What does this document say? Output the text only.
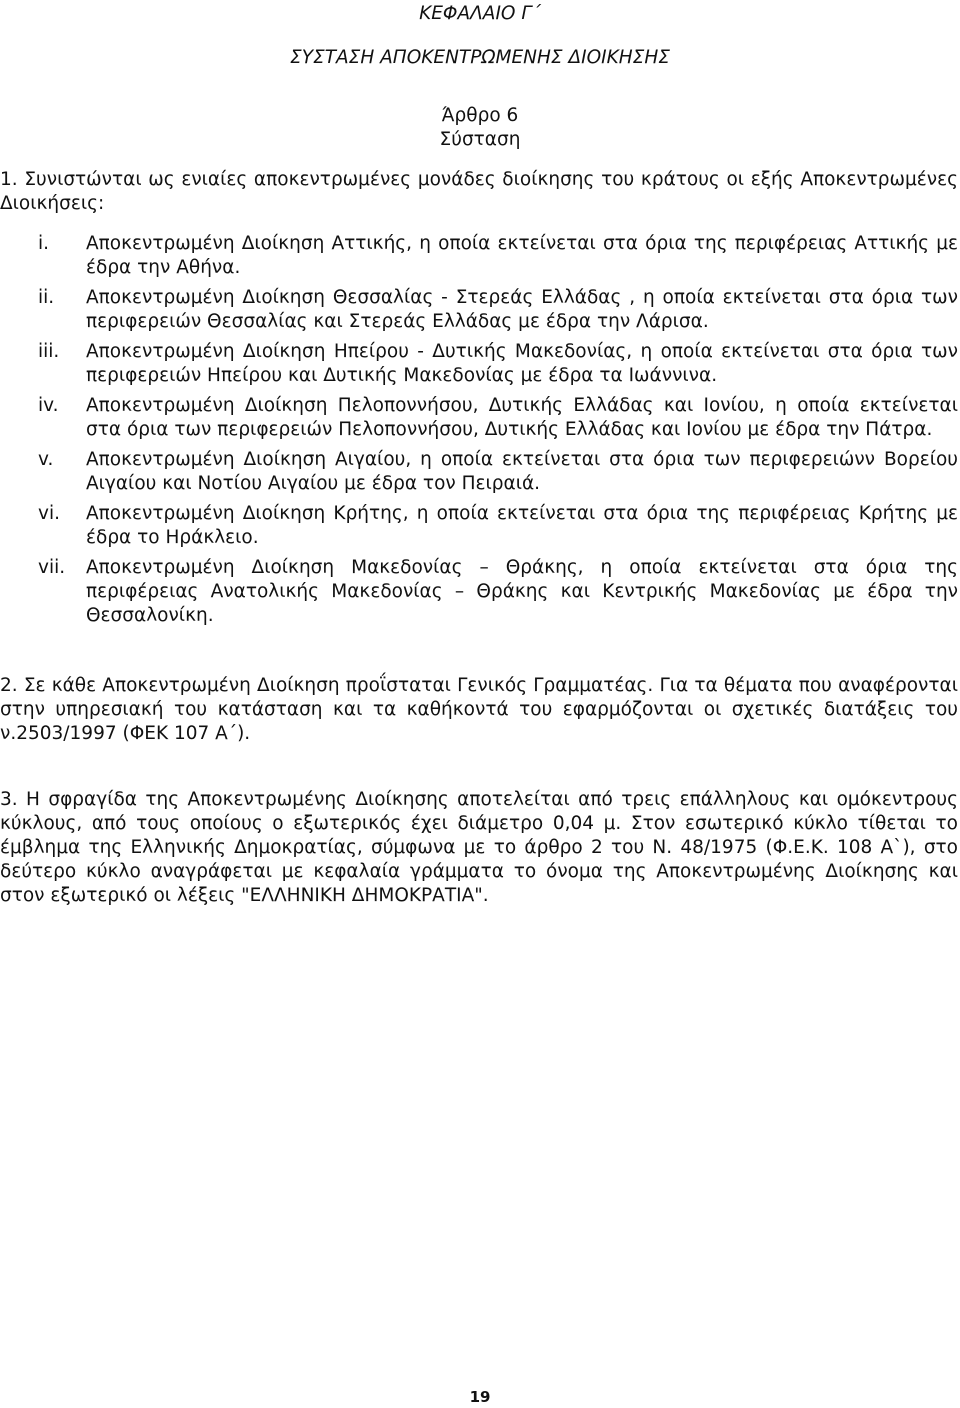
ΚΕΦΑΛΑΙΟ Γ΄
ΣΥΣΤΑΣΗ ΑΠΟΚΕΝΤΡΩΜΕΝΗΣ ΔΙΟΙΚΗΣΗΣ
Άρθρο 6
Σύσταση

1. Συνιστώνται ως ενιαίες αποκεντρωμένες μονάδες διοίκησης του κράτους οι εξής Αποκεντρωμένες Διοικήσεις:

i.	Αποκεντρωμένη Διοίκηση Αττικής, η οποία εκτείνεται στα όρια της περιφέρειας Αττικής με έδρα την Αθήνα.
ii.	Αποκεντρωμένη Διοίκηση Θεσσαλίας - Στερεάς Ελλάδας , η οποία εκτείνεται στα όρια των περιφερειών Θεσσαλίας και Στερεάς Ελλάδας με έδρα την Λάρισα.
iii.	Αποκεντρωμένη Διοίκηση Ηπείρου - Δυτικής Μακεδονίας, η οποία εκτείνεται στα όρια των περιφερειών Ηπείρου και Δυτικής Μακεδονίας με έδρα τα Ιωάννινα.
iv.	Αποκεντρωμένη Διοίκηση Πελοποννήσου, Δυτικής Ελλάδας και Ιονίου, η οποία εκτείνεται στα όρια των περιφερειών Πελοποννήσου, Δυτικής Ελλάδας και Ιονίου με έδρα την Πάτρα.
v.	Αποκεντρωμένη Διοίκηση Αιγαίου, η οποία εκτείνεται στα όρια των περιφερειώνν Βορείου Αιγαίου και Νοτίου Αιγαίου με έδρα τον Πειραιά.
vi.	Αποκεντρωμένη Διοίκηση Κρήτης, η οποία εκτείνεται στα όρια της περιφέρειας Κρήτης με έδρα το Ηράκλειο.
vii.	Αποκεντρωμένη Διοίκηση Μακεδονίας – Θράκης, η οποία εκτείνεται στα όρια της περιφέρειας Ανατολικής Μακεδονίας – Θράκης και Κεντρικής Μακεδονίας με έδρα την Θεσσαλονίκη.

2. Σε κάθε Αποκεντρωμένη Διοίκηση προΐσταται Γενικός Γραμματέας. Για τα θέματα που αναφέρονται στην υπηρεσιακή του κατάσταση και τα καθήκοντά του εφαρμόζονται οι σχετικές διατάξεις του ν.2503/1997 (ΦΕΚ 107 Α΄).

3. Η σφραγίδα της Αποκεντρωμένης Διοίκησης αποτελείται από τρεις επάλληλους και ομόκεντρους κύκλους, από τους οποίους ο εξωτερικός έχει διάμετρο 0,04 μ. Στον εσωτερικό κύκλο τίθεται το έμβλημα της Ελληνικής Δημοκρατίας, σύμφωνα με το άρθρο 2 του Ν. 48/1975 (Φ.Ε.Κ. 108 Α`), στο δεύτερο κύκλο αναγράφεται με κεφαλαία γράμματα το όνομα της Αποκεντρωμένης Διοίκησης και στον εξωτερικό οι λέξεις "ΕΛΛΗΝΙΚΗ ΔΗΜΟΚΡΑΤΙΑ".

19
